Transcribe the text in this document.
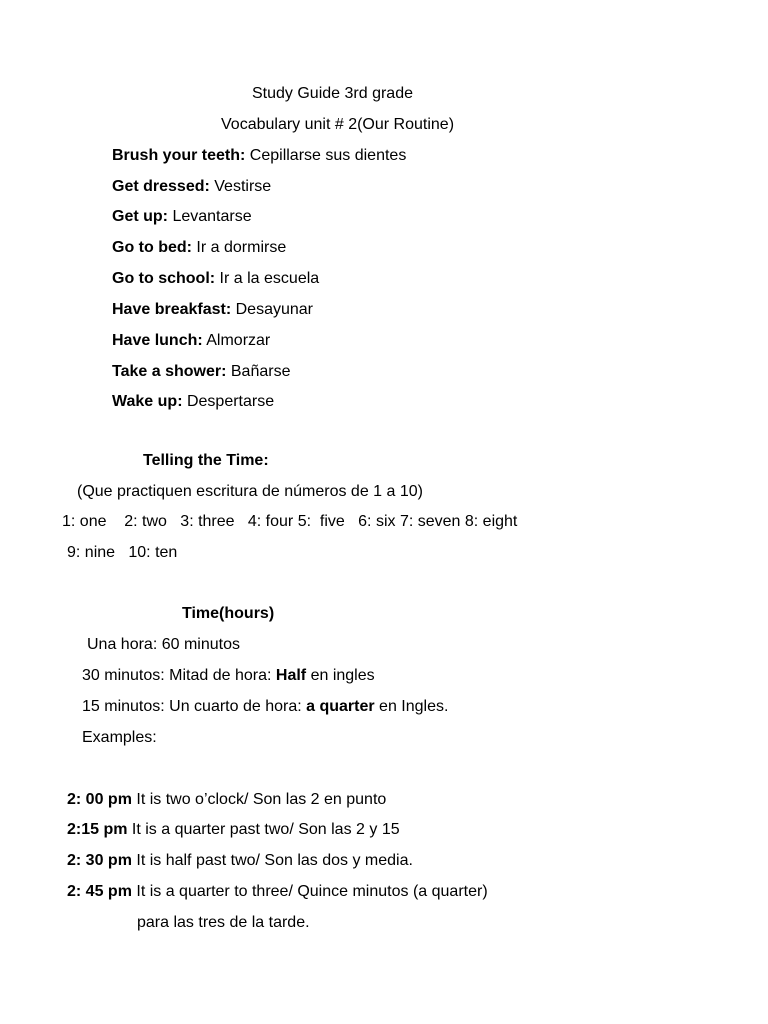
Study Guide 3rd grade
Vocabulary unit # 2(Our Routine)
Brush your teeth: Cepillarse sus dientes
Get dressed: Vestirse
Get up: Levantarse
Go to bed: Ir a dormirse
Go to school: Ir a la escuela
Have breakfast: Desayunar
Have lunch: Almorzar
Take a shower: Bañarse
Wake up: Despertarse
Telling the Time:
(Que practiquen escritura de números de 1 a 10)
1: one    2: two   3: three   4: four 5:  five   6: six 7: seven 8: eight
9: nine   10: ten
Time(hours)
Una hora: 60 minutos
30 minutos: Mitad de hora: Half en ingles
15 minutos: Un cuarto de hora: a quarter en Ingles.
Examples:
2: 00 pm It is two o’clock/ Son las 2 en punto
2:15 pm It is a quarter past two/ Son las 2 y 15
2: 30 pm It is half past two/ Son las dos y media.
2: 45 pm It is a quarter to three/ Quince minutos (a quarter)
para las tres de la tarde.
